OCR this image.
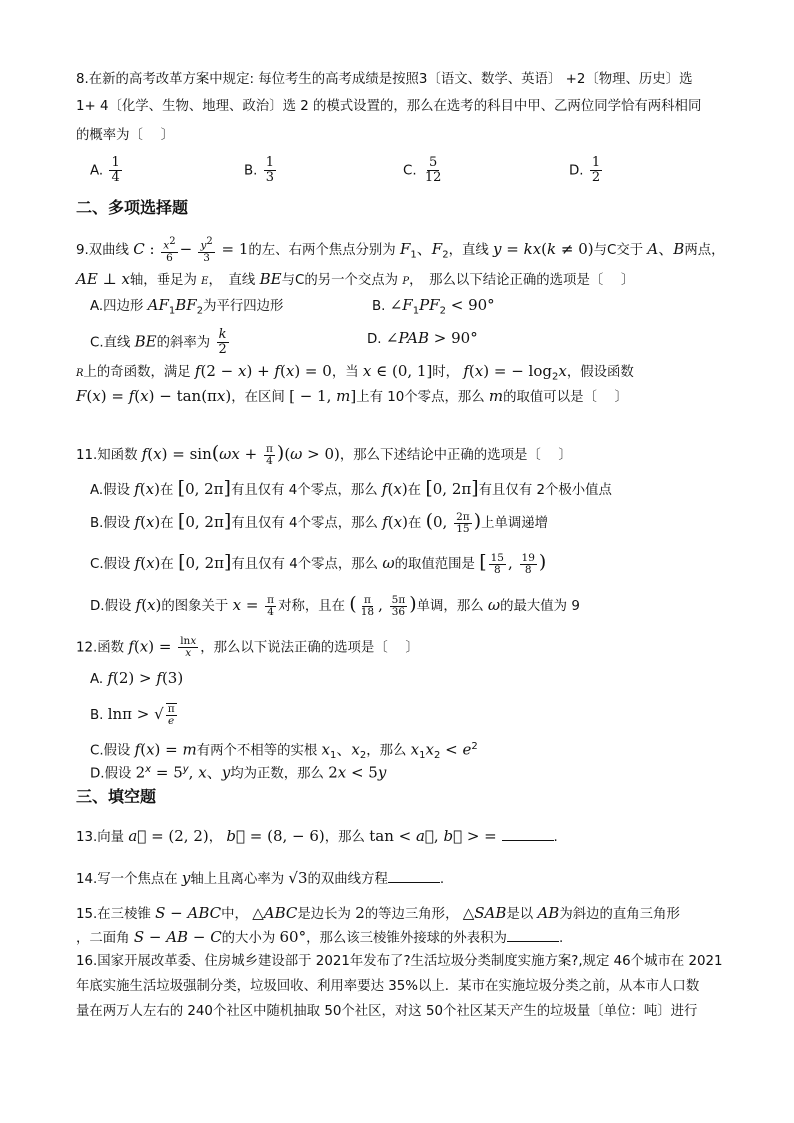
8.在新的高考改革方案中规定: 每位考生的高考成绩是按照3〔语文、数学、英语〕 +2〔物理、历史〕选
1+ 4〔化学、生物、地理、政治〕选 2 的模式设置的，那么在选考的科目中甲、乙两位同学恰有两科相同
的概率为〔　 〕
A. $\frac{1}{4}$	B. $\frac{1}{3}$	C. $\frac{5}{12}$	D. $\frac{1}{2}$
二、多项选择题
9.双曲线 C : $\frac{x^2}{6} - \frac{y^2}{3} = 1$的左、右两个焦点分别为 $F_1$、$F_2$，直线 y = kx(k ≠ 0)与C交于 A、B两点，
AE ⊥ x轴，垂足为 E，　直线 BE与C的另一个交点为 P，　那么以下结论正确的选项是〔　 〕
A.四边形 $AF_1BF_2$为平行四边形	B. $\angle F_1PF_2 < 90^\circ$
C.直线 BE的斜率为 $\frac{k}{2}$	D. ∠PAB > 90°
R上的奇函数，满足 f(2 − x) + f(x) = 0，当 x ∈ (0, 1]时， f(x) = − $\log_2x$，假设函数
F(x) = f(x) − tan(πx)，在区间 [ − 1, m]上有 10个零点，那么 m的取值可以是〔　 〕
11.知函数 $f(x) = \sin(\omega x + \frac{\pi}{4} )(\omega > 0)$，那么下述结论中正确的选项是〔　 〕
A.假设 f(x)在 [0, 2π]有且仅有 4个零点，那么 f(x)在 [0, 2π]有且仅有 2个极小值点
B.假设 f(x)在 [0, 2π]有且仅有 4个零点，那么 f(x)在 (0, $\frac{2\pi}{15}$ )上单调递增
C.假设 f(x)在 [0, 2π]有且仅有 4个零点，那么 ω的取值范围是 [ $\frac{15}{8}$ , $\frac{19}{8}$ )
D.假设 f(x)的图象关于 $x = \frac{\pi}{4}$ 对称，且在 ( $\frac{\pi}{18}$ , $\frac{5\pi}{36}$ )单调，那么 ω的最大值为 9
12.函数 $f(x) = \frac{\ln x}{x}$ ，那么以下说法正确的选项是〔　 〕
A. f(2) > f(3)
B. lnπ > √ $\frac{\pi}{e}$
C.假设 f(x) = m有两个不相等的实根 $x_1$、$x_2$，那么 $x_1x_2 < e^2$
D.假设 $2^x = 5^y$, x、y均为正数，那么 2x < 5y
三、填空题
13.向量 a⃗ = (2, 2)， b⃗ = (8, − 6)，那么 tan < a⃗, b⃗ > =	.
14.写一个焦点在 y轴上且离心率为 √3的双曲线方程	.
15.在三棱锥 S − ABC中， △ABC是边长为 2的等边三角形， △SAB是以 AB为斜边的直角三角形
，二面角 S − AB − C的大小为 60°，那么该三棱锥外接球的外表积为	.
16.国家开展改革委、住房城乡建设部于 2021年发布了?生活垃圾分类制度实施方案?,规定 46个城市在 2021
年底实施生活垃圾强制分类，垃圾回收、利用率要达 35%以上．某市在实施垃圾分类之前，从本市人口数
量在两万人左右的 240个社区中随机抽取 50个社区，对这 50个社区某天产生的垃圾量〔单位：吨〕进行
